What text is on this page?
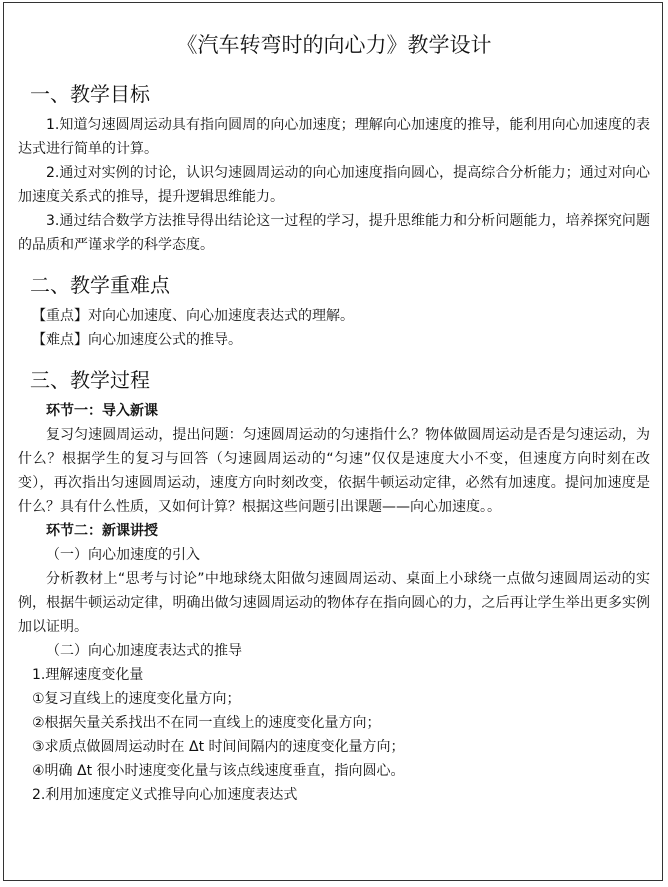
《汽车转弯时的向心力》教学设计
一、教学目标

1.知道匀速圆周运动具有指向圆周的向心加速度；理解向心加速度的推导，能利用向心加速度的表达式进行简单的计算。

2.通过对实例的讨论，认识匀速圆周运动的向心加速度指向圆心，提高综合分析能力；通过对向心加速度关系式的推导，提升逻辑思维能力。

3.通过结合数学方法推导得出结论这一过程的学习，提升思维能力和分析问题能力，培养探究问题的品质和严谨求学的科学态度。

二、教学重难点

【重点】对向心加速度、向心加速度表达式的理解。

【难点】向心加速度公式的推导。

三、教学过程

环节一：导入新课

复习匀速圆周运动，提出问题：匀速圆周运动的匀速指什么？物体做圆周运动是否是匀速运动，为什么？根据学生的复习与回答（匀速圆周运动的“匀速”仅仅是速度大小不变，但速度方向时刻在改变），再次指出匀速圆周运动，速度方向时刻改变，依据牛顿运动定律，必然有加速度。提问加速度是什么？具有什么性质，又如何计算？根据这些问题引出课题——向心加速度。。

环节二：新课讲授

（一）向心加速度的引入

分析教材上“思考与讨论”中地球绕太阳做匀速圆周运动、桌面上小球绕一点做匀速圆周运动的实例，根据牛顿运动定律，明确出做匀速圆周运动的物体存在指向圆心的力，之后再让学生举出更多实例加以证明。

（二）向心加速度表达式的推导

1.理解速度变化量

①复习直线上的速度变化量方向；

②根据矢量关系找出不在同一直线上的速度变化量方向；

③求质点做圆周运动时在 Δt 时间间隔内的速度变化量方向；

④明确 Δt 很小时速度变化量与该点线速度垂直，指向圆心。

2.利用加速度定义式推导向心加速度表达式
